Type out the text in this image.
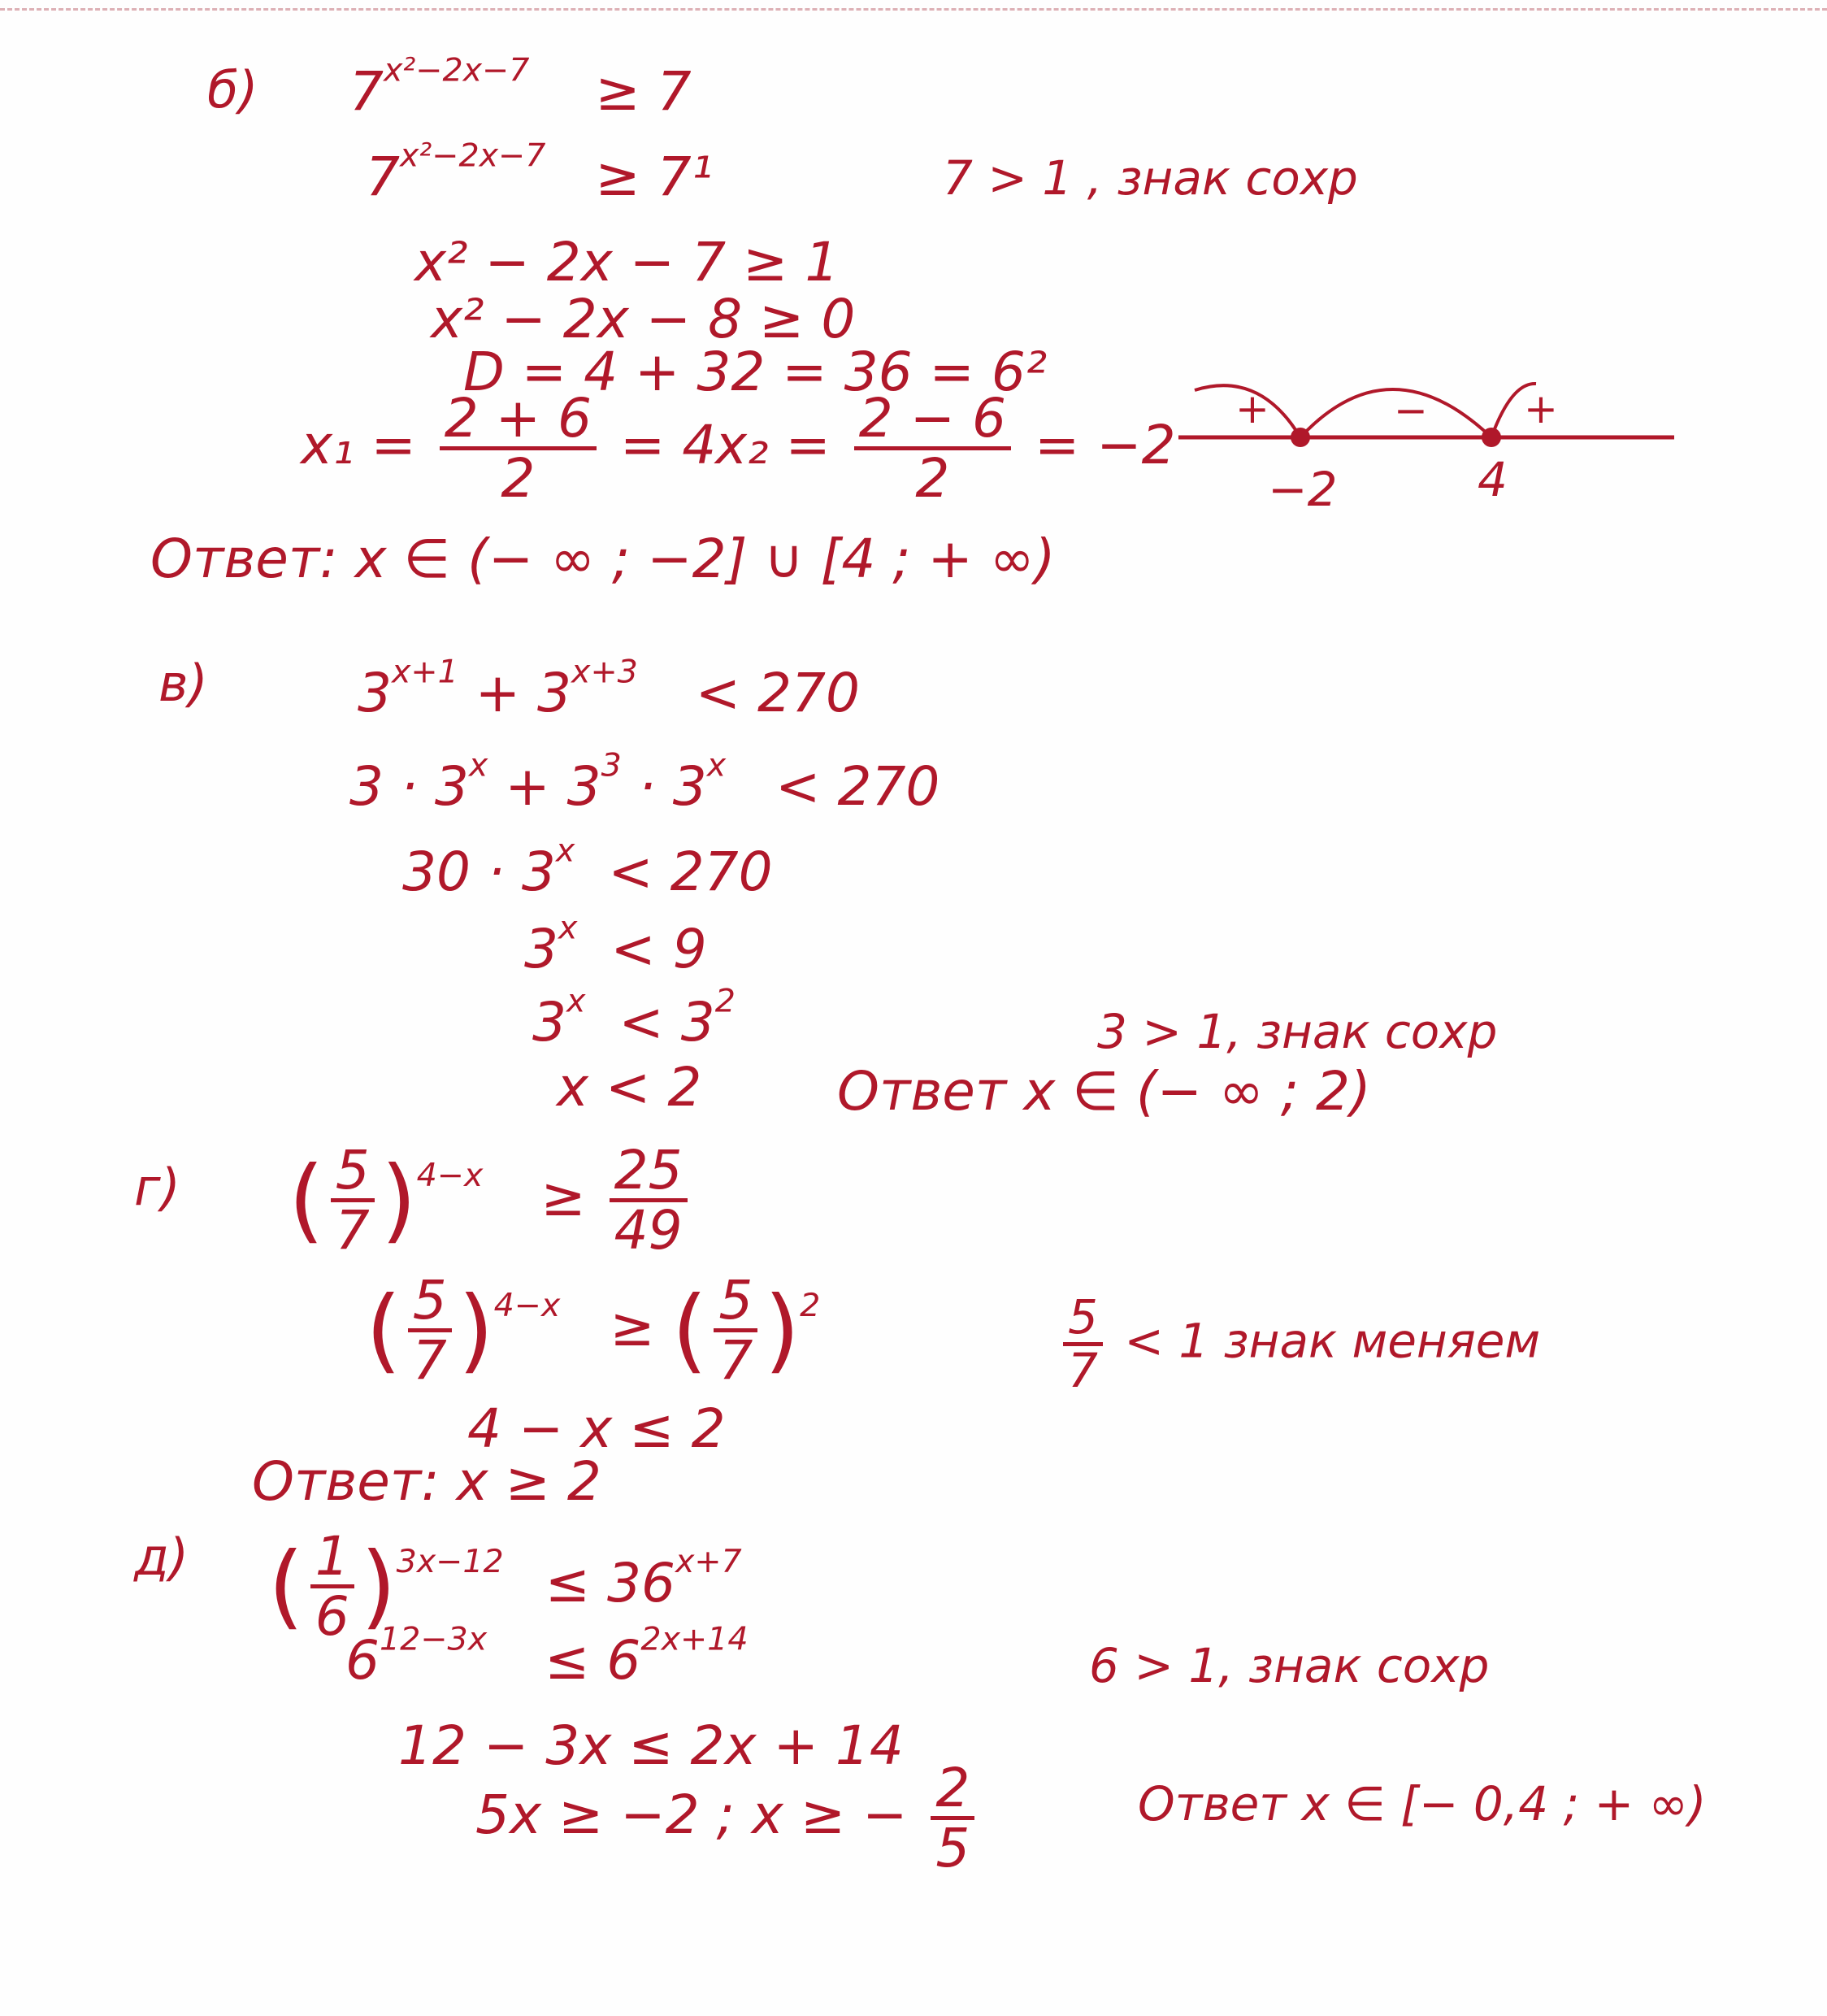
б) $7^{x^2-2x-7} \ge 7$
$7^{x^2-2x-7} \ge 7^1$	7 > 1 , знак сохр
x² − 2x − 7 ≥ 1
x² − 2x − 8 ≥ 0
D = 4 + 32 = 36 = 6²
$x_1 = \frac{2 + 6}{2} = 4$
$x_2 = \frac{2 - 6}{2} = -2$
+	− +
−2	4
Ответ: x ∈ (− ∞ ; −2] ∪ [4 ; + ∞)
в)	$3^{x+1} + 3^{x+3} < 270$
$3 \cdot 3^x + 3^3 \cdot 3^x < 270$
$30 \cdot 3^x < 270$
$3^x < 9$
$3^x < 3^2$
3 > 1, знак сохр
x < 2	Ответ x ∈ (− ∞ ; 2)
г) ( $\frac{5}{7} )^{4-x} \ge \frac{25}{49}$
( $\frac{5}{7} )^{4-x}$ ≥ ( $\frac{5}{7} )^2$	$\frac{5}{7} < 1$ знак меняем
4 − x ≤ 2
Ответ: x ≥ 2
д) ( $\frac{1}{6} )^{3x-12} \le 36^{x+7}$
$6^{12-3x} \le 6^{2x+14}$	6 > 1, знак сохр
12 − 3x ≤ 2x + 14
5x ≥ −2 ; x ≥ − $\frac{2}{5}$	Ответ x ∈ [− 0,4 ; + ∞)
